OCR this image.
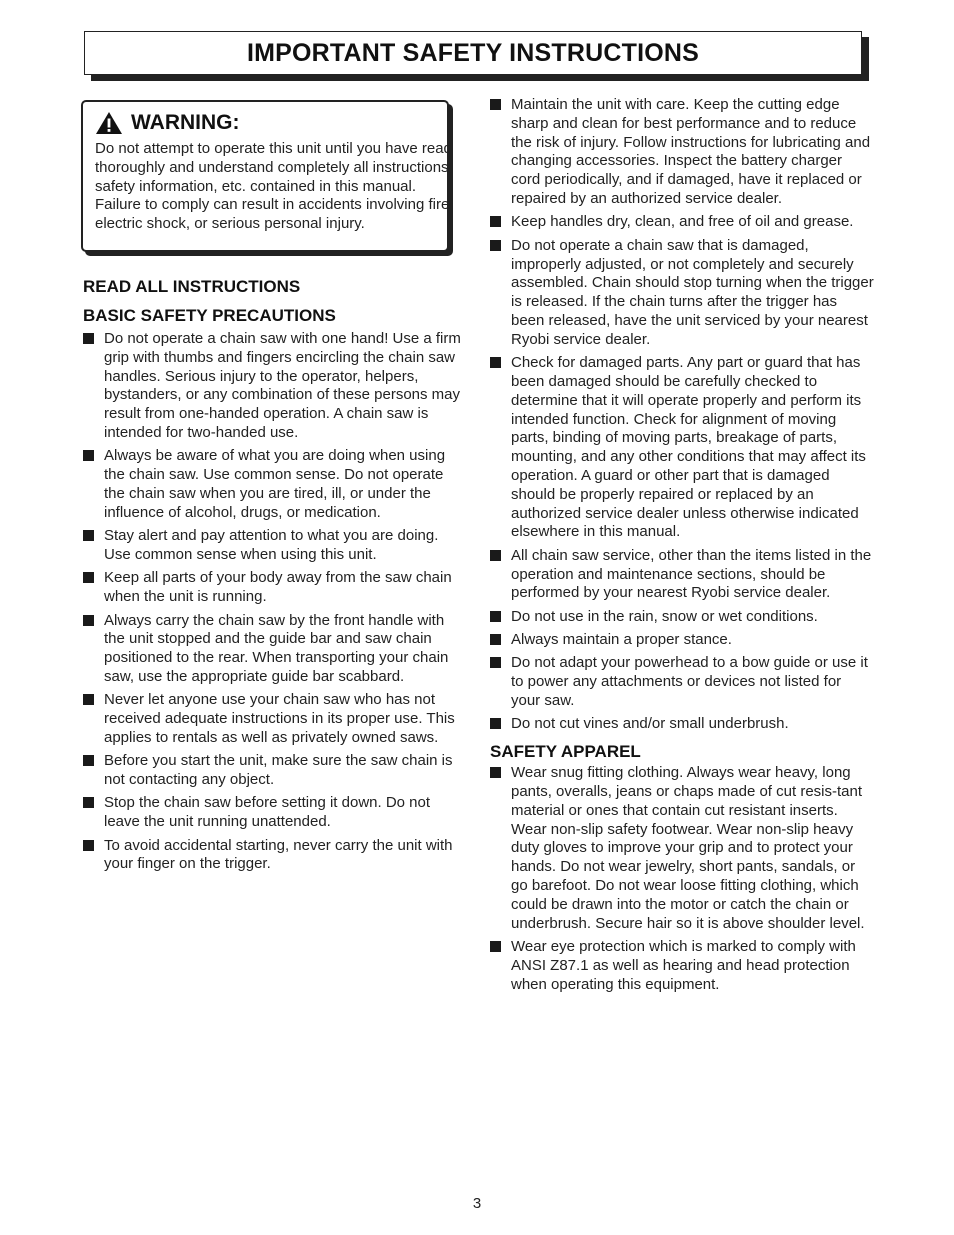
IMPORTANT SAFETY INSTRUCTIONS
WARNING:
Do not attempt to operate this unit until you have read thoroughly and understand completely all instructions, safety information, etc. contained in this manual. Failure to comply can result in accidents involving fire, electric shock, or serious personal injury.
READ ALL INSTRUCTIONS
BASIC SAFETY PRECAUTIONS
Do not operate a chain saw with one hand! Use a firm grip with thumbs and fingers encircling the chain saw handles. Serious injury to the operator, helpers, bystanders, or any combination of these persons may result from one-handed operation. A chain saw is intended for two-handed use.
Always be aware of what you are doing when using the chain saw. Use common sense. Do not operate the chain saw when you are tired, ill, or under the influence of alcohol, drugs, or medication.
Stay alert and pay attention to what you are doing. Use common sense when using this unit.
Keep all parts of your body away from the saw chain when the unit is running.
Always carry the chain saw by the front handle with the unit stopped and the guide bar and saw chain positioned to the rear. When transporting your chain saw, use the appropriate guide bar scabbard.
Never let anyone use your chain saw who has not received adequate instructions in its proper use. This applies to rentals as well as privately owned saws.
Before you start the unit, make sure the saw chain is not contacting any object.
Stop the chain saw before setting it down. Do not leave the unit running unattended.
To avoid accidental starting, never carry the unit with your finger on the trigger.
Maintain the unit with care. Keep the cutting edge sharp and clean for best performance and to reduce the risk of injury. Follow instructions for lubricating and changing accessories. Inspect the battery charger cord periodically, and if damaged, have it replaced or repaired by an authorized service dealer.
Keep handles dry, clean, and free of oil and grease.
Do not operate a chain saw that is damaged, improperly adjusted, or not completely and securely assembled. Chain should stop turning when the trigger is released. If the chain turns after the trigger has been released, have the unit serviced by your nearest Ryobi service dealer.
Check for damaged parts. Any part or guard that has been damaged should be carefully checked to determine that it will operate properly and perform its intended function. Check for alignment of moving parts, binding of moving parts, breakage of parts, mounting, and any other conditions that may affect its operation. A guard or other part that is damaged should be properly repaired or replaced by an authorized service dealer unless otherwise indicated elsewhere in this manual.
All chain saw service, other than the items listed in the operation and maintenance sections, should be performed by your nearest Ryobi service dealer.
Do not use in the rain, snow or wet conditions.
Always maintain a proper stance.
Do not adapt your powerhead to a bow guide or use it to power any attachments or devices not listed for your saw.
Do not cut vines and/or small underbrush.
SAFETY APPAREL
Wear snug fitting clothing. Always wear heavy, long pants, overalls, jeans or chaps made of cut resis-tant material or ones that contain cut resistant inserts. Wear non-slip safety footwear. Wear non-slip heavy duty gloves to improve your grip and to protect your hands. Do not wear jewelry, short pants, sandals, or go barefoot. Do not wear loose fitting clothing, which could be drawn into the motor or catch the chain or underbrush. Secure hair so it is above shoulder level.
Wear eye protection which is marked to comply with ANSI Z87.1 as well as hearing and head protection when operating this equipment.
3
